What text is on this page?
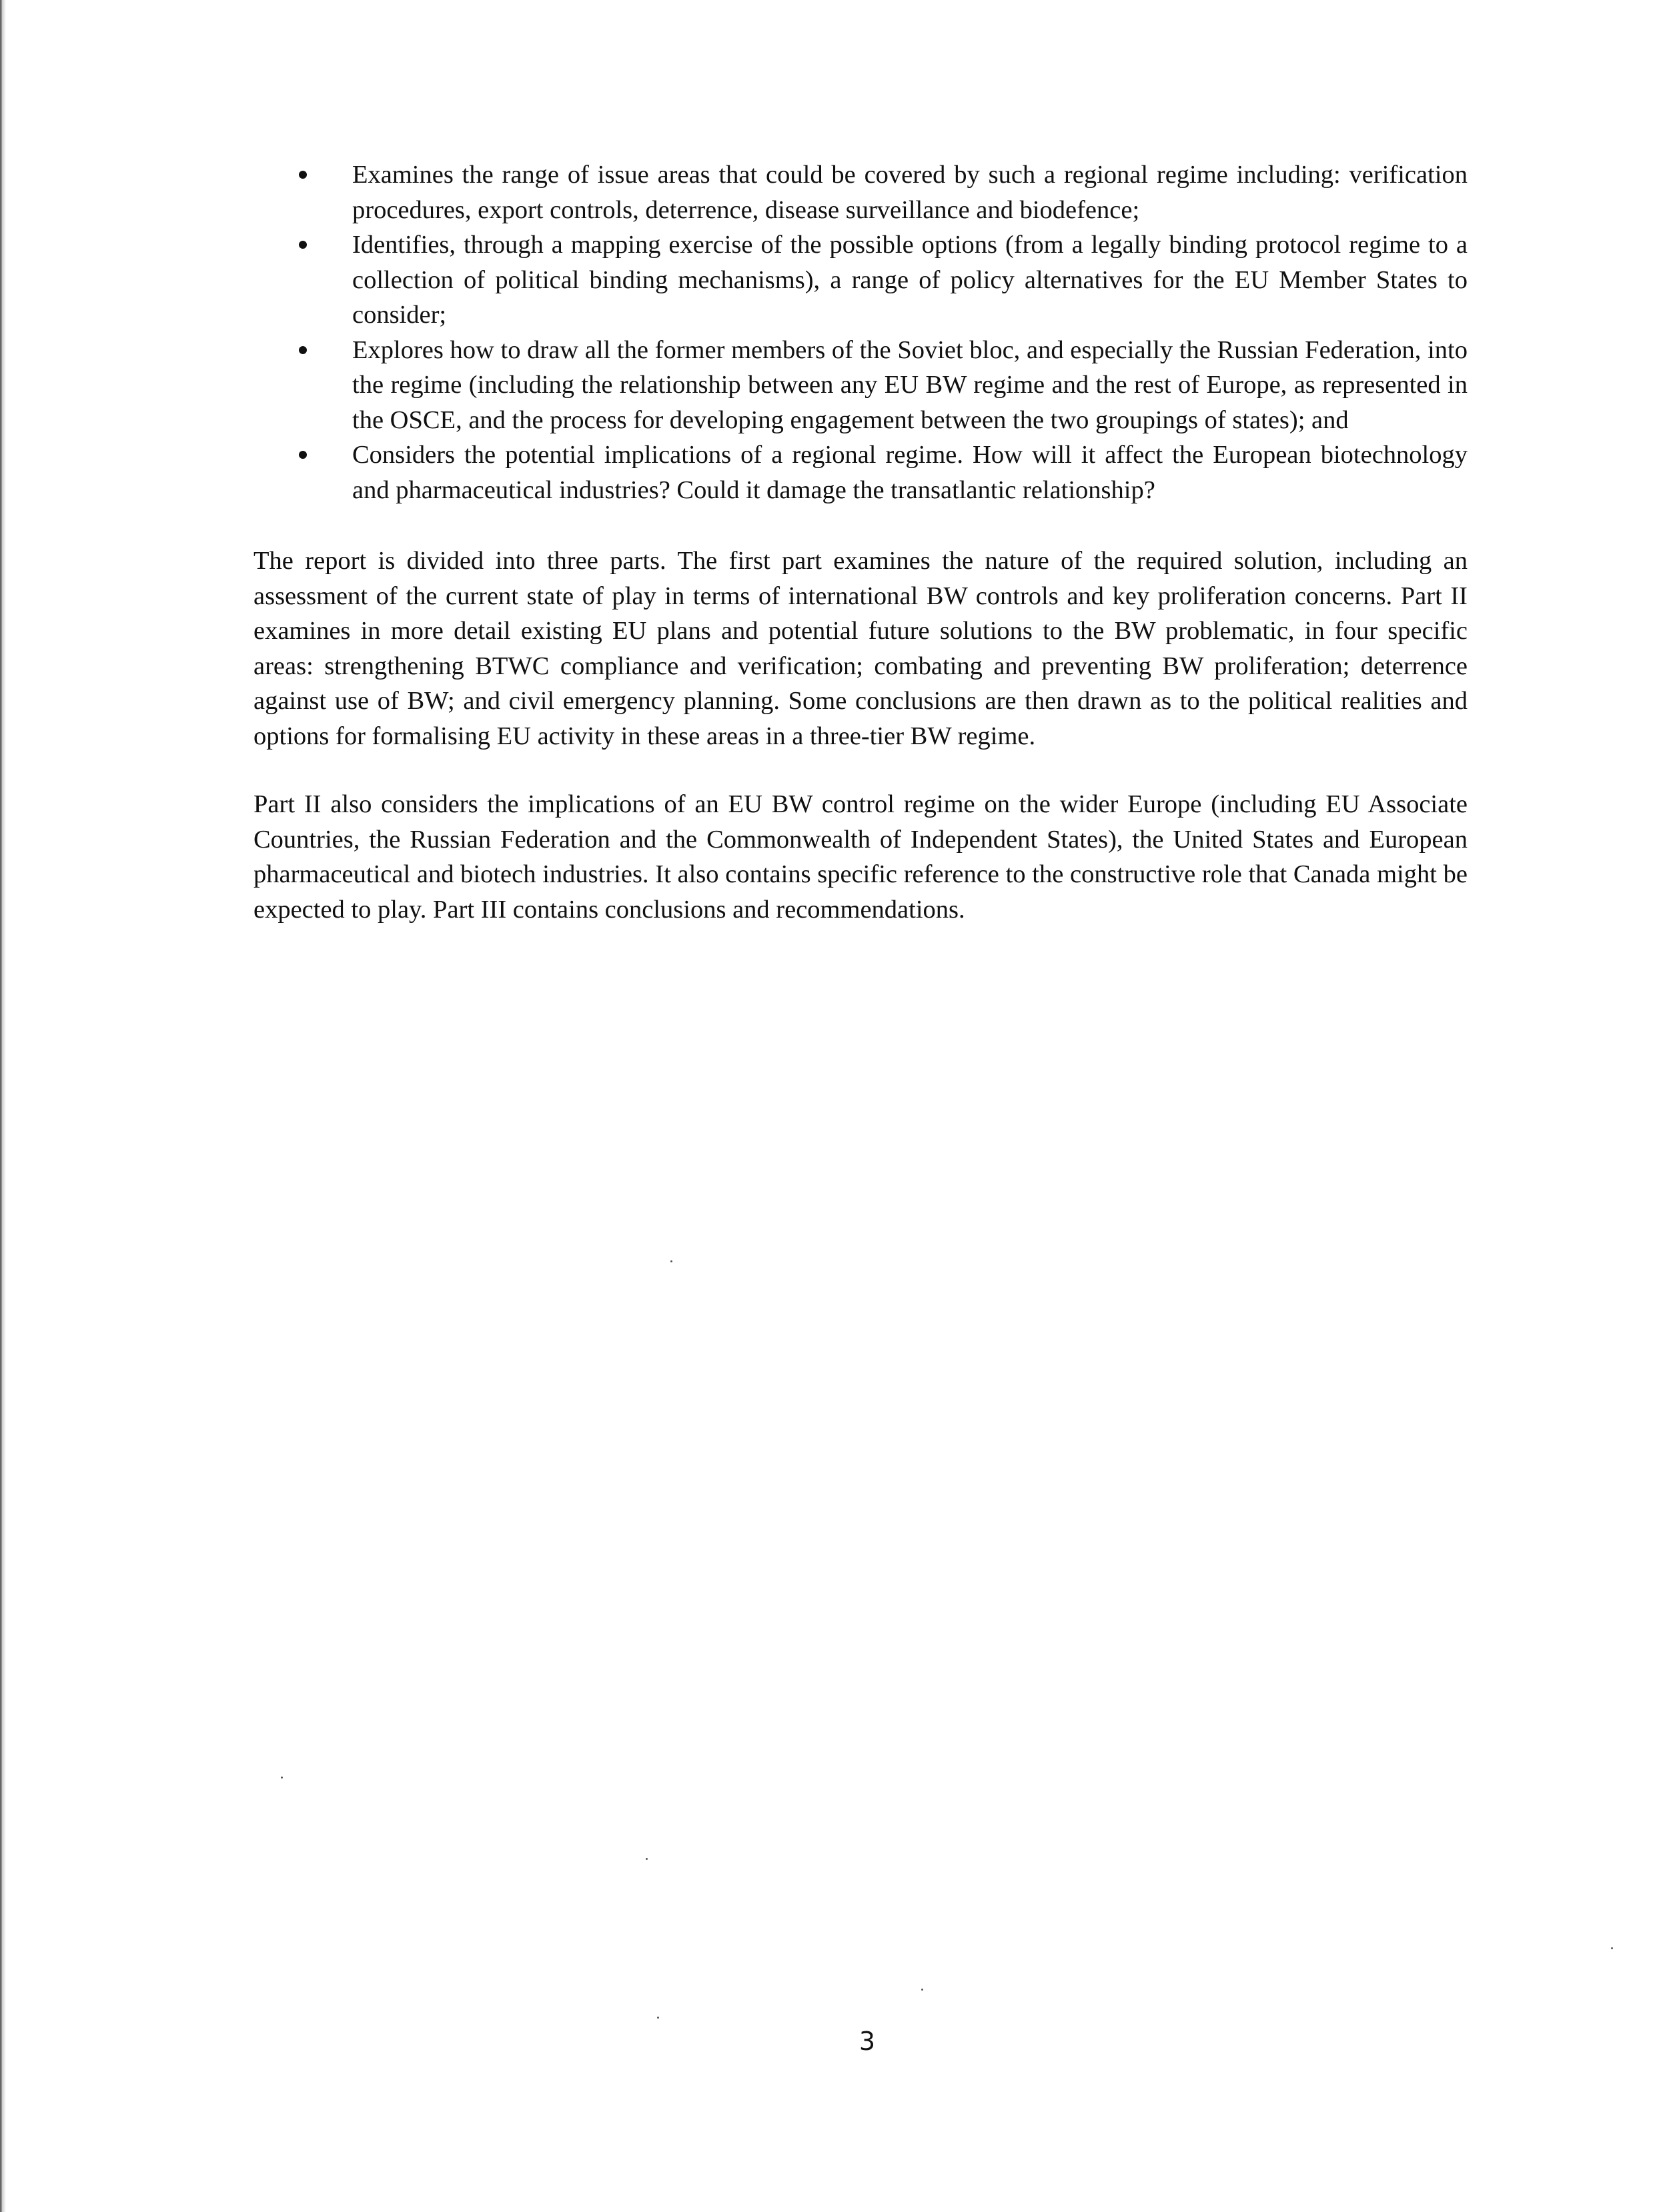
Examines the range of issue areas that could be covered by such a regional regime including: verification procedures, export controls, deterrence, disease surveillance and biodefence;
Identifies, through a mapping exercise of the possible options (from a legally binding protocol regime to a collection of political binding mechanisms), a range of policy alternatives for the EU Member States to consider;
Explores how to draw all the former members of the Soviet bloc, and especially the Russian Federation, into the regime (including the relationship between any EU BW regime and the rest of Europe, as represented in the OSCE, and the process for developing engagement between the two groupings of states); and
Considers the potential implications of a regional regime. How will it affect the European biotechnology and pharmaceutical industries? Could it damage the transatlantic relationship?

The report is divided into three parts. The first part examines the nature of the required solution, including an assessment of the current state of play in terms of international BW controls and key proliferation concerns. Part II examines in more detail existing EU plans and potential future solutions to the BW problematic, in four specific areas: strengthening BTWC compliance and verification; combating and preventing BW proliferation; deterrence against use of BW; and civil emergency planning. Some conclusions are then drawn as to the political realities and options for formalising EU activity in these areas in a three-tier BW regime.

Part II also considers the implications of an EU BW control regime on the wider Europe (including EU Associate Countries, the Russian Federation and the Commonwealth of Independent States), the United States and European pharmaceutical and biotech industries. It also contains specific reference to the constructive role that Canada might be expected to play. Part III contains conclusions and recommendations.

3
